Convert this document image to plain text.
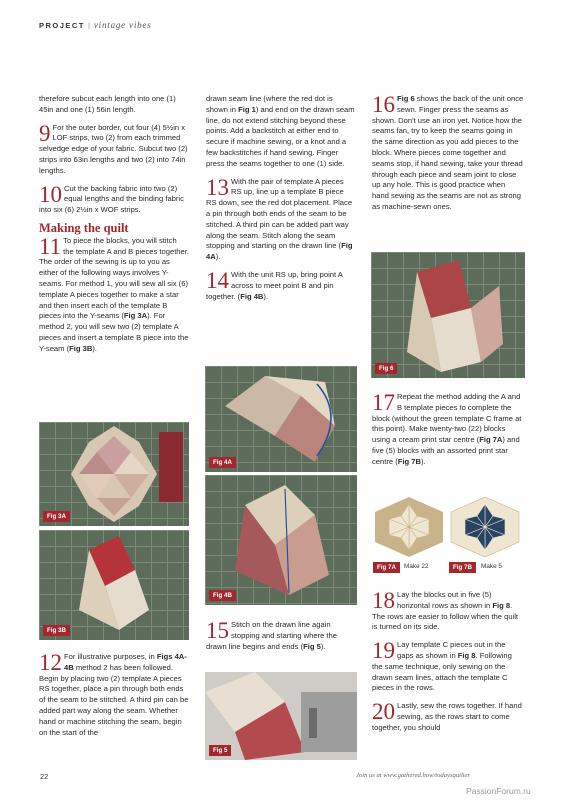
PROJECT | vintage vibes

therefore subcut each length into one (1) 45in and one (1) 56in length.

9 For the outer border, cut four (4) 5½in x LOF strips, two (2) from each trimmed selvedge edge of your fabric. Subcut two (2) strips into 63in lengths and two (2) into 74in lengths.
10 Cut the backing fabric into two (2) equal lengths and the binding fabric into six (6) 2½in x WOF strips.
Making the quilt
11 To piece the blocks, you will stitch the template A and B pieces together. The order of the sewing is up to you as either of the following ways involves Y-seams. For method 1, you will sew all six (6) template A pieces together to make a star and then insert each of the template B pieces into the Y-seams (Fig 3A). For method 2, you will sew two (2) template A pieces and insert a template B piece into the Y-seam (Fig 3B).
Fig 3A
Fig 3B
12 For illustrative purposes, in Figs 4A-4B method 2 has been followed. Begin by placing two (2) template A pieces RS together, place a pin through both ends of the seam to be stitched. A third pin can be added part way along the seam. Whether hand or machine stitching the seam, begin on the start of the

drawn seam line (where the red dot is shown in Fig 1) and end on the drawn seam line, do not extend stitching beyond these points. Add a backstitch at either end to secure if machine sewing, or a knot and a few backstitches if hand sewing. Finger press the seams together to one (1) side.

13 With the pair of template A pieces RS up, line up a template B piece RS down, see the red dot placement. Place a pin through both ends of the seam to be stitched. A third pin can be added part way along the seam. Stitch along the seam stopping and starting on the drawn line (Fig 4A).
14 With the unit RS up, bring point A across to meet point B and pin together. (Fig 4B).
Fig 4A
Fig 4B
15 Stitch on the drawn line again stopping and starting where the drawn line begins and ends (Fig 5).
Fig 5
16 Fig 6 shows the back of the unit once sewn. Finger press the seams as shown. Don't use an iron yet. Notice how the seams fan, try to keep the seams going in the same direction as you add pieces to the block. Where pieces come together and seams stop, if hand sewing, take your thread through each piece and seam joint to close up any hole. This is good practice when hand sewing as the seams are not as strong as machine-sewn ones.
Fig 6
17 Repeat the method adding the A and B template pieces to complete the block (without the green template C frame at this point). Make twenty-two (22) blocks using a cream print star centre (Fig 7A) and five (5) blocks with an assorted print star centre (Fig 7B).
Fig 7A	Make 22	Fig 7B	Make 5
18 Lay the blocks out in five (5) horizontal rows as shown in Fig 8. The rows are easier to follow when the quilt is turned on its side.
19 Lay template C pieces out in the gaps as shown in Fig 8. Following the same technique, only sewing on the drawn seam lines, attach the template C pieces in the rows.
20 Lastly, sew the rows together. If hand sewing, as the rows start to come together, you should
22	Join us at www.gathered.how/todaysquilter
PassionForum.ru
